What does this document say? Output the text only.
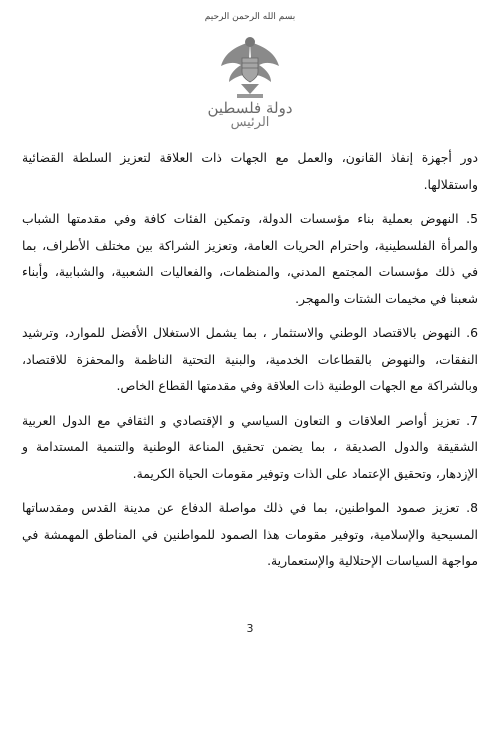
بسم الله الرحمن الرحيم
دولة فلسطين
الرئيس

دور أجهزة إنفاذ القانون، والعمل مع الجهات ذات العلاقة لتعزيز السلطة القضائية واستقلالها.

5. النهوض بعملية بناء مؤسسات الدولة، وتمكين الفئات كافة وفي مقدمتها الشباب والمرأة الفلسطينية، واحترام الحريات العامة، وتعزيز الشراكة بين مختلف الأطراف، بما في ذلك مؤسسات المجتمع المدني، والمنظمات، والفعاليات الشعبية، والشبابية، وأبناء شعبنا في مخيمات الشتات والمهجر.

6. النهوض بالاقتصاد الوطني والاستثمار ، بما يشمل الاستغلال الأفضل للموارد، وترشيد النفقات، والنهوض بالقطاعات الخدمية، والبنية التحتية الناظمة والمحفزة للاقتصاد، وبالشراكة مع الجهات الوطنية ذات العلاقة وفي مقدمتها القطاع الخاص.

7. تعزيز أواصر العلاقات و التعاون السياسي و الإقتصادي و الثقافي مع الدول العربية الشقيقة والدول الصديقة ، بما يضمن تحقيق المناعة الوطنية والتنمية المستدامة و الإزدهار، وتحقيق الإعتماد على الذات وتوفير مقومات الحياة الكريمة.

8. تعزيز صمود المواطنين، بما في ذلك مواصلة الدفاع عن مدينة القدس ومقدساتها المسيحية والإسلامية، وتوفير مقومات هذا الصمود للمواطنين في المناطق المهمشة في مواجهة السياسات الإحتلالية والإستعمارية.

3
